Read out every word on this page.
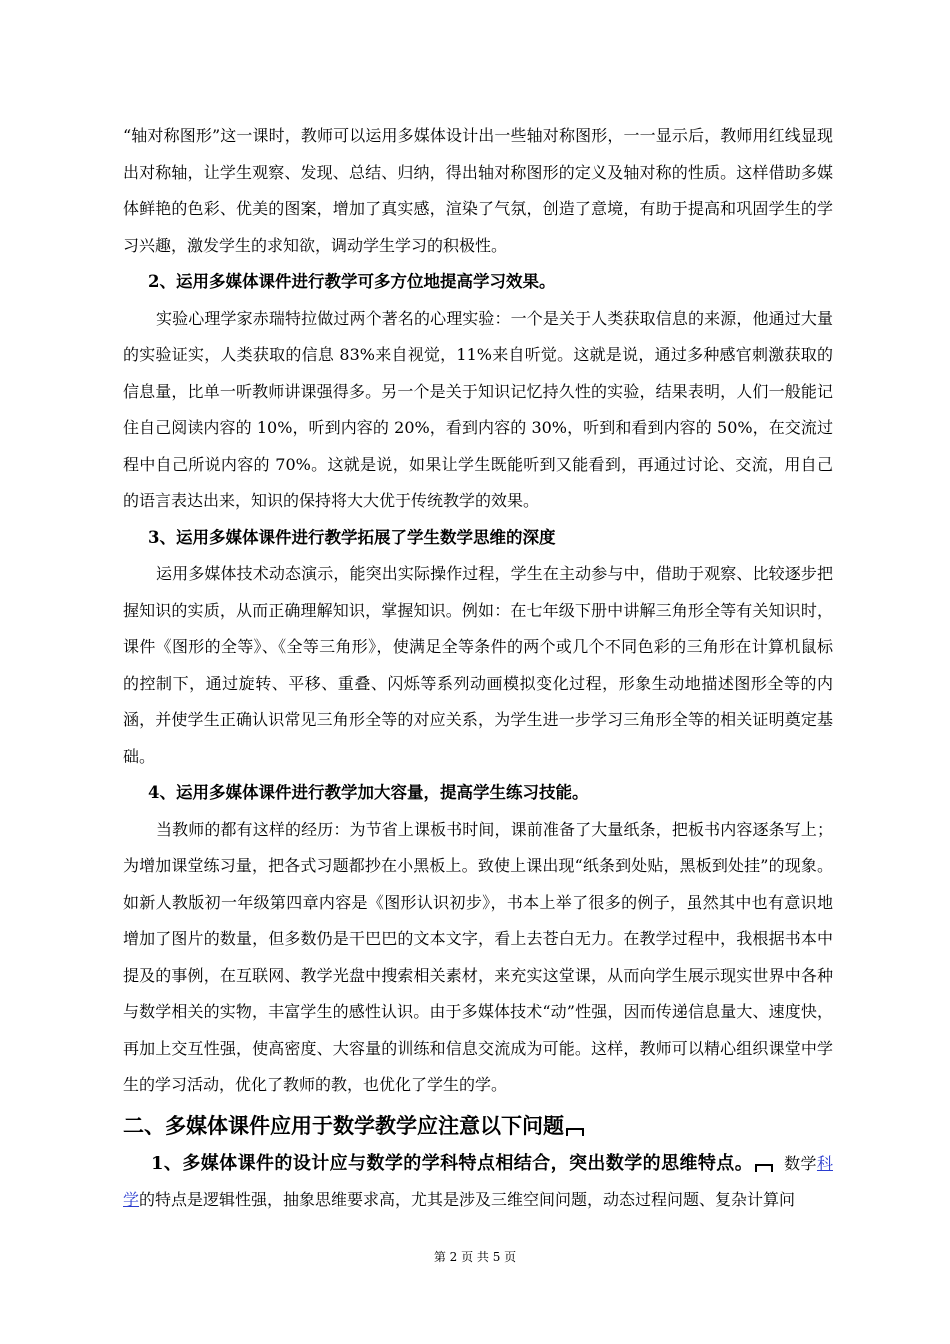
“轴对称图形”这一课时，教师可以运用多媒体设计出一些轴对称图形，一一显示后，教师用红线显现出对称轴，让学生观察、发现、总结、归纳，得出轴对称图形的定义及轴对称的性质。这样借助多媒体鲜艳的色彩、优美的图案，增加了真实感，渲染了气氛，创造了意境，有助于提高和巩固学生的学习兴趣，激发学生的求知欲，调动学生学习的积极性。

2、运用多媒体课件进行教学可多方位地提高学习效果。

实验心理学家赤瑞特拉做过两个著名的心理实验：一个是关于人类获取信息的来源，他通过大量的实验证实，人类获取的信息 83%来自视觉，11%来自听觉。这就是说，通过多种感官刺激获取的信息量，比单一听教师讲课强得多。另一个是关于知识记忆持久性的实验，结果表明，人们一般能记住自己阅读内容的 10%，听到内容的 20%，看到内容的 30%，听到和看到内容的 50%，在交流过程中自己所说内容的 70%。这就是说，如果让学生既能听到又能看到，再通过讨论、交流，用自己的语言表达出来，知识的保持将大大优于传统教学的效果。

3、运用多媒体课件进行教学拓展了学生数学思维的深度

运用多媒体技术动态演示，能突出实际操作过程，学生在主动参与中，借助于观察、比较逐步把握知识的实质，从而正确理解知识，掌握知识。例如：在七年级下册中讲解三角形全等有关知识时，课件《图形的全等》、《全等三角形》，使满足全等条件的两个或几个不同色彩的三角形在计算机鼠标的控制下，通过旋转、平移、重叠、闪烁等系列动画模拟变化过程，形象生动地描述图形全等的内涵，并使学生正确认识常见三角形全等的对应关系，为学生进一步学习三角形全等的相关证明奠定基础。

4、运用多媒体课件进行教学加大容量，提高学生练习技能。

当教师的都有这样的经历：为节省上课板书时间，课前准备了大量纸条，把板书内容逐条写上；为增加课堂练习量，把各式习题都抄在小黑板上。致使上课出现“纸条到处贴，黑板到处挂”的现象。如新人教版初一年级第四章内容是《图形认识初步》，书本上举了很多的例子，虽然其中也有意识地增加了图片的数量，但多数仍是干巴巴的文本文字，看上去苍白无力。在教学过程中，我根据书本中提及的事例，在互联网、教学光盘中搜索相关素材，来充实这堂课，从而向学生展示现实世界中各种与数学相关的实物，丰富学生的感性认识。由于多媒体技术“动”性强，因而传递信息量大、速度快，再加上交互性强，使高密度、大容量的训练和信息交流成为可能。这样，教师可以精心组织课堂中学生的学习活动，优化了教师的教，也优化了学生的学。

二、多媒体课件应用于数学教学应注意以下问题

1、多媒体课件的设计应与数学的学科特点相结合，突出数学的思维特点。 数学科学的特点是逻辑性强，抽象思维要求高，尤其是涉及三维空间问题，动态过程问题、复杂计算问

第 2 页 共 5 页
